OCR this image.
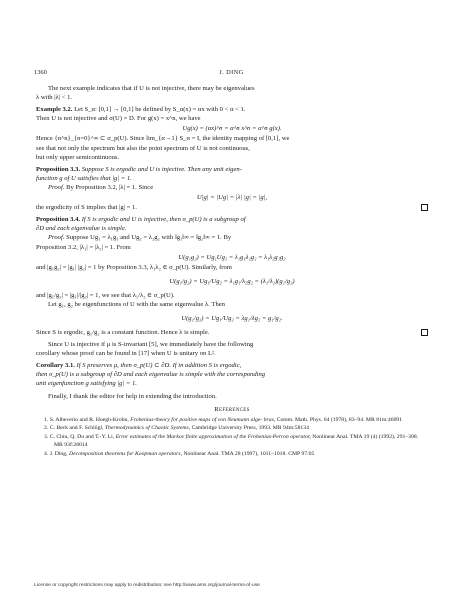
1360	J. DING

The next example indicates that if U is not injective, there may be eigenvalues

λ with |λ| < 1.

Example 3.2. Let S_α: [0,1] → [0,1] be defined by S_α(x) = αx with 0 < α < 1.

Then U is not injective and σ(U) = D. For g(x) = x^n, we have

Ug(x) = (αx)^n = α^n x^n = α^n g(x).

Hence {α^n}_{n=0}^∞ ⊂ σ_p(U). Since lim_{α→1} S_α = I, the identity mapping of [0,1], we

see that not only the spectrum but also the point spectrum of U is not continuous,

but only upper semicontinuous.

Proposition 3.3. Suppose S is ergodic and U is injective. Then any unit eigen-

function g of U satisfies that |g| = 1.

Proof. By Proposition 3.2, |λ| = 1. Since

U|g| = |Ug| = |λ| |g| = |g|,

the ergodicity of S implies that |g| = 1.

Proposition 3.4. If S is ergodic and U is injective, then σ_p(U) is a subgroup of

∂D and each eigenvalue is simple.

Proof. Suppose Ug₁ = λ₁g₁ and Ug₂ = λ₂g₂ with ‖g₁‖∞ = ‖g₂‖∞ = 1. By

Proposition 3.2, |λ₁| = |λ₂| = 1. From

U(g₁g₂) = Ug₁Ug₂ = λ₁g₁λ₂g₂ = λ₁λ₂g₁g₂

and |g₁g₂| = |g₁| |g₂| = 1 by Proposition 3.3, λ₁λ₂ ∈ σ_p(U). Similarly, from

U(g₁/g₂) = Ug₁/Ug₂ = λ₁g₁/λ₂g₂ = (λ₁/λ₂)(g₁/g₂)

and |g₁/g₂| = |g₁|/|g₂| = 1, we see that λ₁/λ₂ ∈ σ_p(U).

Let g₁, g₂ be eigenfunctions of U with the same eigenvalue λ. Then

U(g₁/g₂) = Ug₁/Ug₂ = λg₁/λg₂ = g₁/g₂.

Since S is ergodic, g₁/g₂ is a constant function. Hence λ is simple.

Since U is injective if μ is S-invariant [5], we immediately have the following

corollary whose proof can be found in [17] when U is unitary on L².

Corollary 3.1. If S preserves μ, then σ_p(U) ⊂ ∂D. If in addition S is ergodic,

then σ_p(U) is a subgroup of ∂D and each eigenvalue is simple with the corresponding

unit eigenfunction g satisfying |g| = 1.

Finally, I thank the editor for help in extending the introduction.

References

1. S. Albeverio and R. Hoegh-Krohn, Frobenius-theory for positive maps of von Neumann alge- bras, Comm. Math. Phys. 64 (1978), 83–94. MR 81m:46091

2. C. Beck and F. Schlögl, Thermodynamics of Chaotic Systems, Cambridge University Press, 1993. MR 94m:58134

3. C. Chiu, Q. Du and T.-Y. Li, Error estimates of the Markov finite approximation of the Frobenius-Perron operator, Nonlinear Anal. TMA 19 (4) (1992), 291–308. MR 93f:28014

4. J. Ding, Decomposition theorems for Koopman operators, Nonlinear Anal. TMA 28 (1997), 1011–1018. CMP 97:05

License or copyright restrictions may apply to redistribution; see http://www.ams.org/journal-terms-of-use
